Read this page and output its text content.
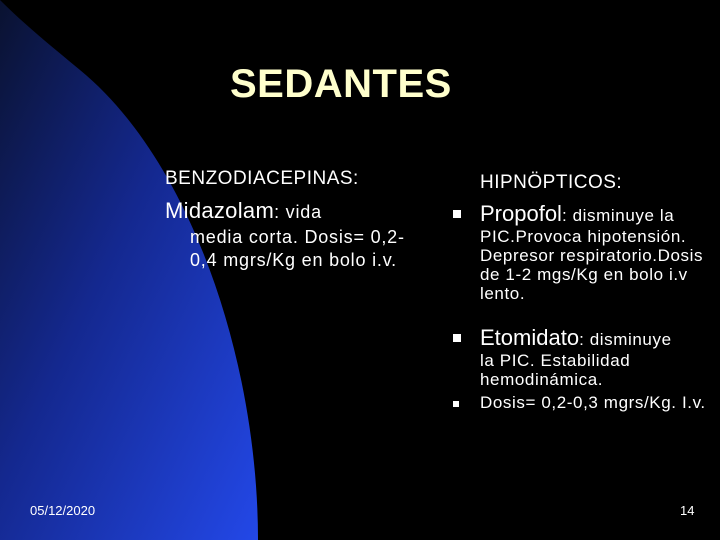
SEDANTES
BENZODIACEPINAS:
Midazolam: vida
media corta. Dosis= 0,2-0,4 mgrs/Kg en bolo i.v.
HIPNÖPTICOS:
Propofol: disminuye la
PIC.Provoca hipotensión. Depresor respiratorio.Dosis de 1-2 mgs/Kg en bolo i.v lento.
Etomidato: disminuye
la PIC. Estabilidad hemodinámica.
Dosis= 0,2-0,3 mgrs/Kg. I.v.
05/12/2020	14
